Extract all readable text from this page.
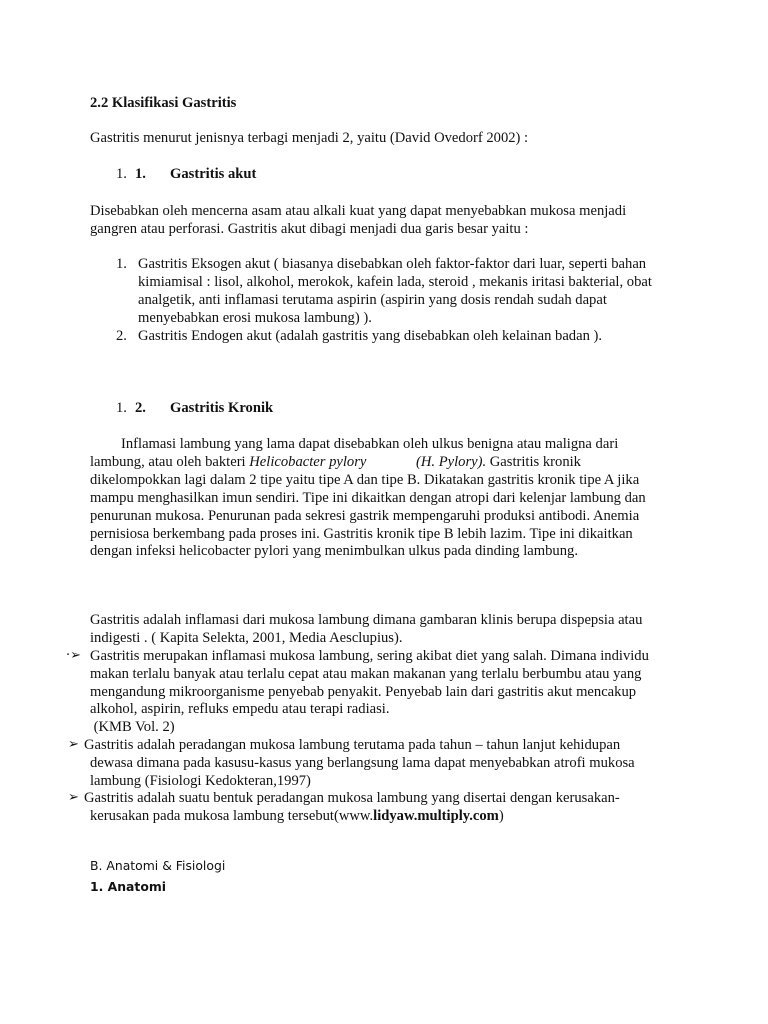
2.2 Klasifikasi Gastritis
Gastritis menurut jenisnya terbagi menjadi 2, yaitu (David Ovedorf 2002) :
1. 1. Gastritis akut
Disebabkan oleh mencerna asam atau alkali kuat yang dapat menyebabkan mukosa menjadi
gangren atau perforasi. Gastritis akut dibagi menjadi dua garis besar yaitu :
1. Gastritis Eksogen akut ( biasanya disebabkan oleh faktor-faktor dari luar, seperti bahan
kimiamisal : lisol, alkohol, merokok, kafein lada, steroid , mekanis iritasi bakterial, obat
analgetik, anti inflamasi terutama aspirin (aspirin yang dosis rendah sudah dapat
menyebabkan erosi mukosa lambung) ).
2. Gastritis Endogen akut (adalah gastritis yang disebabkan oleh kelainan badan ).
1. 2. Gastritis Kronik
Inflamasi lambung yang lama dapat disebabkan oleh ulkus benigna atau maligna dari
lambung, atau oleh bakteri Helicobacter pylory	(H. Pylory). Gastritis kronik
dikelompokkan lagi dalam 2 tipe yaitu tipe A dan tipe B. Dikatakan gastritis kronik tipe A jika
mampu menghasilkan imun sendiri. Tipe ini dikaitkan dengan atropi dari kelenjar lambung dan
penurunan mukosa. Penurunan pada sekresi gastrik mempengaruhi produksi antibodi. Anemia
pernisiosa berkembang pada proses ini. Gastritis kronik tipe B lebih lazim. Tipe ini dikaitkan
dengan infeksi helicobacter pylori yang menimbulkan ulkus pada dinding lambung.
Gastritis adalah inflamasi dari mukosa lambung dimana gambaran klinis berupa dispepsia atau
indigesti . ( Kapita Selekta, 2001, Media Aesclupius).
·➢ Gastritis merupakan inflamasi mukosa lambung, sering akibat diet yang salah. Dimana individu
makan terlalu banyak atau terlalu cepat atau makan makanan yang terlalu berbumbu atau yang
mengandung mikroorganisme penyebab penyakit. Penyebab lain dari gastritis akut mencakup
alkohol, aspirin, refluks empedu atau terapi radiasi.
(KMB Vol. 2)
➢ Gastritis adalah peradangan mukosa lambung terutama pada tahun – tahun lanjut kehidupan
dewasa dimana pada kasusu-kasus yang berlangsung lama dapat menyebabkan atrofi mukosa
lambung (Fisiologi Kedokteran,1997)
➢ Gastritis adalah suatu bentuk peradangan mukosa lambung yang disertai dengan kerusakan-
kerusakan pada mukosa lambung tersebut(www.lidyaw.multiply.com)
B. Anatomi & Fisiologi
1. Anatomi
